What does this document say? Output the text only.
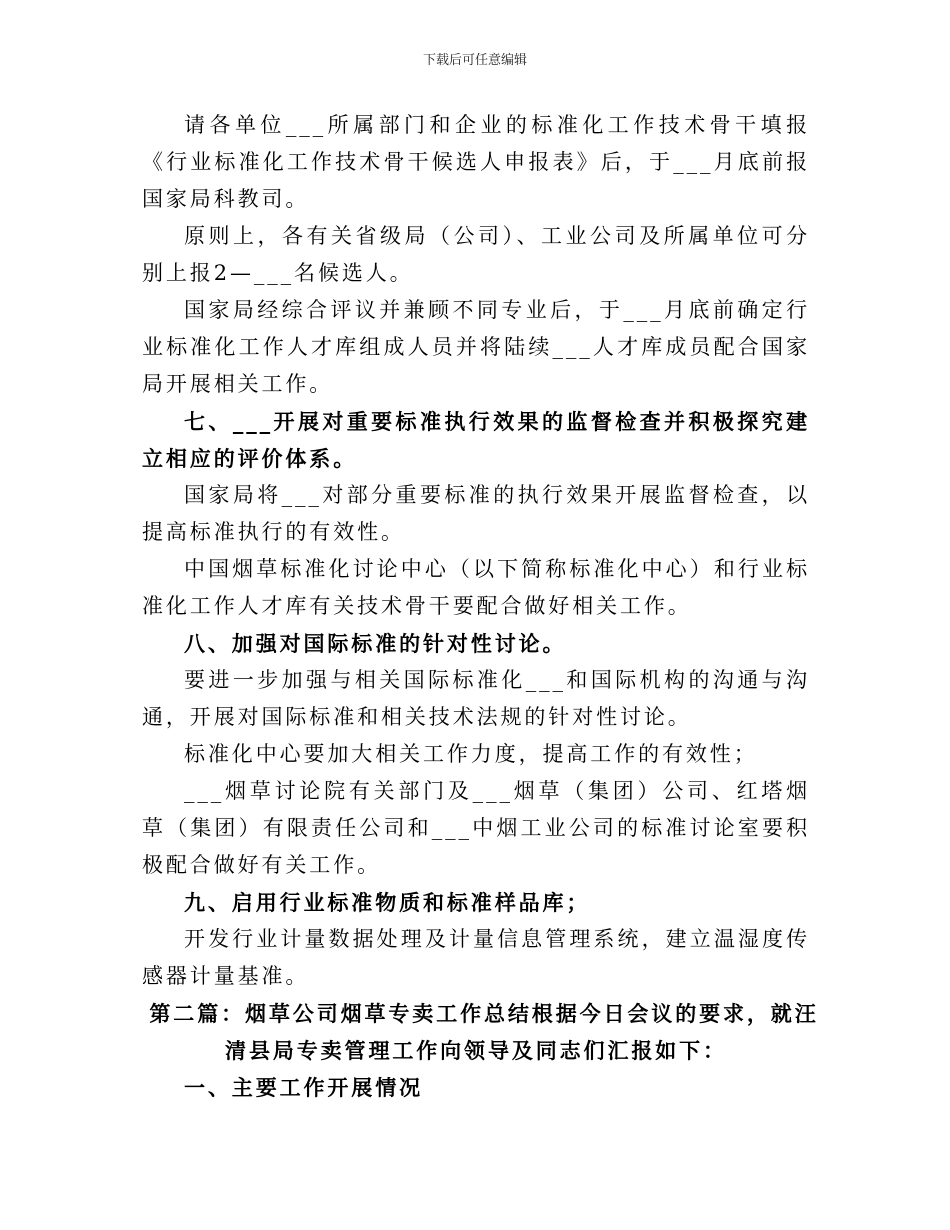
下载后可任意编辑

请各单位___所属部门和企业的标准化工作技术骨干填报《行业标准化工作技术骨干候选人申报表》后，于___月底前报国家局科教司。

原则上，各有关省级局（公司）、工业公司及所属单位可分别上报2—___名候选人。

国家局经综合评议并兼顾不同专业后，于___月底前确定行业标准化工作人才库组成人员并将陆续___人才库成员配合国家局开展相关工作。

七、___开展对重要标准执行效果的监督检查并积极探究建立相应的评价体系。

国家局将___对部分重要标准的执行效果开展监督检查，以提高标准执行的有效性。

中国烟草标准化讨论中心（以下简称标准化中心）和行业标准化工作人才库有关技术骨干要配合做好相关工作。

八、加强对国际标准的针对性讨论。

要进一步加强与相关国际标准化___和国际机构的沟通与沟通，开展对国际标准和相关技术法规的针对性讨论。

标准化中心要加大相关工作力度，提高工作的有效性；

___烟草讨论院有关部门及___烟草（集团）公司、红塔烟草（集团）有限责任公司和___中烟工业公司的标准讨论室要积极配合做好有关工作。

九、启用行业标准物质和标准样品库；

开发行业计量数据处理及计量信息管理系统，建立温湿度传感器计量基准。

第二篇：烟草公司烟草专卖工作总结根据今日会议的要求，就汪

清县局专卖管理工作向领导及同志们汇报如下：

一、主要工作开展情况
